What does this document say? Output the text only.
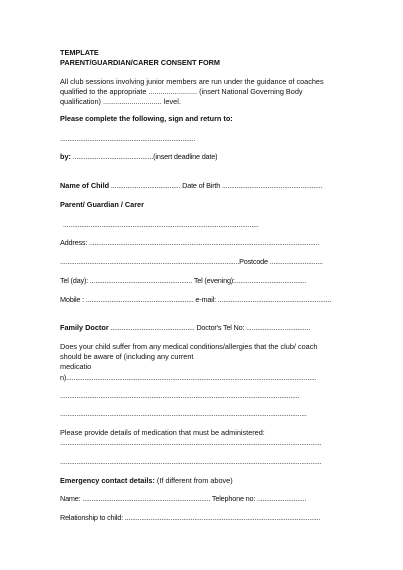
TEMPLATE
PARENT/GUARDIAN/CARER CONSENT FORM
All club sessions involving junior members are run under the guidance of coaches
qualified to the appropriate ........................ (insert National Governing Body
qualification) ............................. level.
Please complete the following, sign and return to:
..........................................................................
by: ............................................(insert deadline date)
Name of Child ...................................... Date of Birth .......................................................
Parent/ Guardian / Carer
...........................................................................................................
Address: ..............................................................................................................................
..................................................................................................Postcode .............................
Tel (day): ........................................................ Tel (evening):.......................................
Mobile : ........................................................... e-mail: ..............................................................
Family Doctor .............................................. Doctor's Tel No: ...................................
Does your child suffer from any medical conditions/allergies that the club/ coach
should be aware of (including any current
medicatio
n).........................................................................................................................................
...................................................................................................................................
.......................................................................................................................................
Please provide details of medication that must be administered:
...............................................................................................................................................
...............................................................................................................................................
Emergency contact details: (If different from above)
Name: ...................................................................... Telephone no: ...........................
Relationship to child: ...........................................................................................................
